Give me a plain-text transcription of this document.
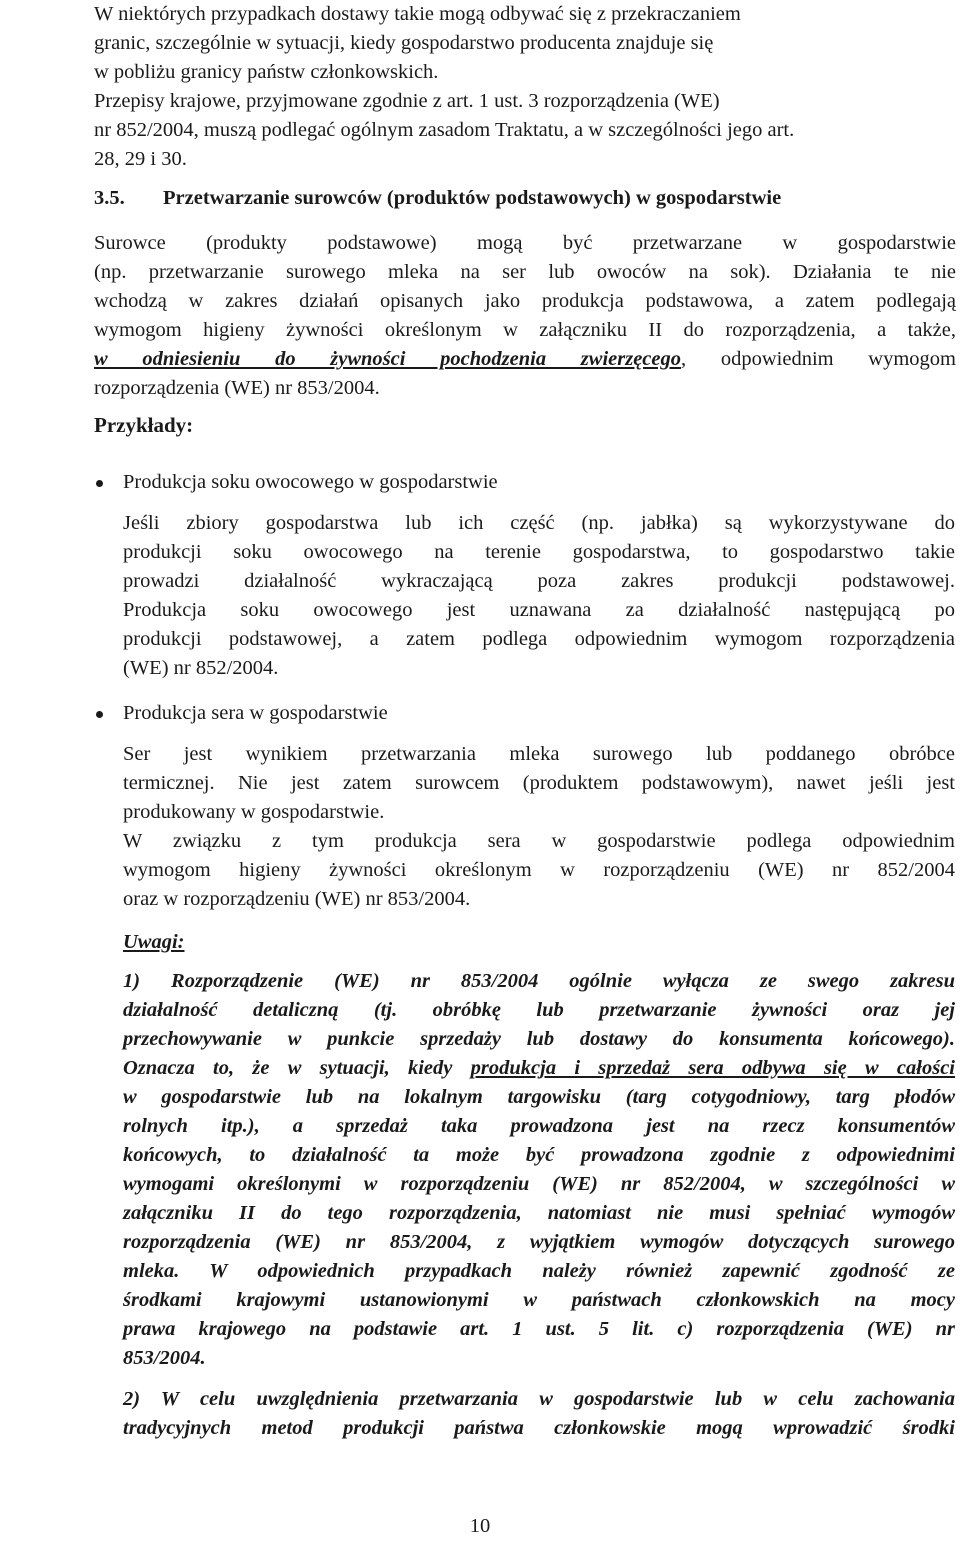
W niektórych przypadkach dostawy takie mogą odbywać się z przekraczaniem

granic, szczególnie w sytuacji, kiedy gospodarstwo producenta znajduje się

w pobliżu granicy państw członkowskich.

Przepisy krajowe, przyjmowane zgodnie z art. 1 ust. 3 rozporządzenia (WE)

nr 852/2004, muszą podlegać ogólnym zasadom Traktatu, a w szczególności jego art.

28, 29 i 30.

3.5. Przetwarzanie surowców (produktów podstawowych) w gospodarstwie

Surowce (produkty podstawowe) mogą być przetwarzane w gospodarstwie

(np. przetwarzanie surowego mleka na ser lub owoców na sok). Działania te nie

wchodzą w zakres działań opisanych jako produkcja podstawowa, a zatem podlegają

wymogom higieny żywności określonym w załączniku II do rozporządzenia, a także,

w odniesieniu do żywności pochodzenia zwierzęcego, odpowiednim wymogom

rozporządzenia (WE) nr 853/2004.

Przykłady:
Produkcja soku owocowego w gospodarstwie

Jeśli zbiory gospodarstwa lub ich część (np. jabłka) są wykorzystywane do

produkcji soku owocowego na terenie gospodarstwa, to gospodarstwo takie

prowadzi działalność wykraczającą poza zakres produkcji podstawowej.

Produkcja soku owocowego jest uznawana za działalność następującą po

produkcji podstawowej, a zatem podlega odpowiednim wymogom rozporządzenia

(WE) nr 852/2004.

Produkcja sera w gospodarstwie

Ser jest wynikiem przetwarzania mleka surowego lub poddanego obróbce

termicznej. Nie jest zatem surowcem (produktem podstawowym), nawet jeśli jest

produkowany w gospodarstwie.

W związku z tym produkcja sera w gospodarstwie podlega odpowiednim

wymogom higieny żywności określonym w rozporządzeniu (WE) nr 852/2004

oraz w rozporządzeniu (WE) nr 853/2004.

Uwagi:

1) Rozporządzenie (WE) nr 853/2004 ogólnie wyłącza ze swego zakresu

działalność detaliczną (tj. obróbkę lub przetwarzanie żywności oraz jej

przechowywanie w punkcie sprzedaży lub dostawy do konsumenta końcowego).

Oznacza to, że w sytuacji, kiedy produkcja i sprzedaż sera odbywa się w całości

w gospodarstwie lub na lokalnym targowisku (targ cotygodniowy, targ płodów

rolnych itp.), a sprzedaż taka prowadzona jest na rzecz konsumentów

końcowych, to działalność ta może być prowadzona zgodnie z odpowiednimi

wymogami określonymi w rozporządzeniu (WE) nr 852/2004, w szczególności w

załączniku II do tego rozporządzenia, natomiast nie musi spełniać wymogów

rozporządzenia (WE) nr 853/2004, z wyjątkiem wymogów dotyczących surowego

mleka. W odpowiednich przypadkach należy również zapewnić zgodność ze

środkami krajowymi ustanowionymi w państwach członkowskich na mocy

prawa krajowego na podstawie art. 1 ust. 5 lit. c) rozporządzenia (WE) nr

853/2004.

2) W celu uwzględnienia przetwarzania w gospodarstwie lub w celu zachowania

tradycyjnych metod produkcji państwa członkowskie mogą wprowadzić środki

10
